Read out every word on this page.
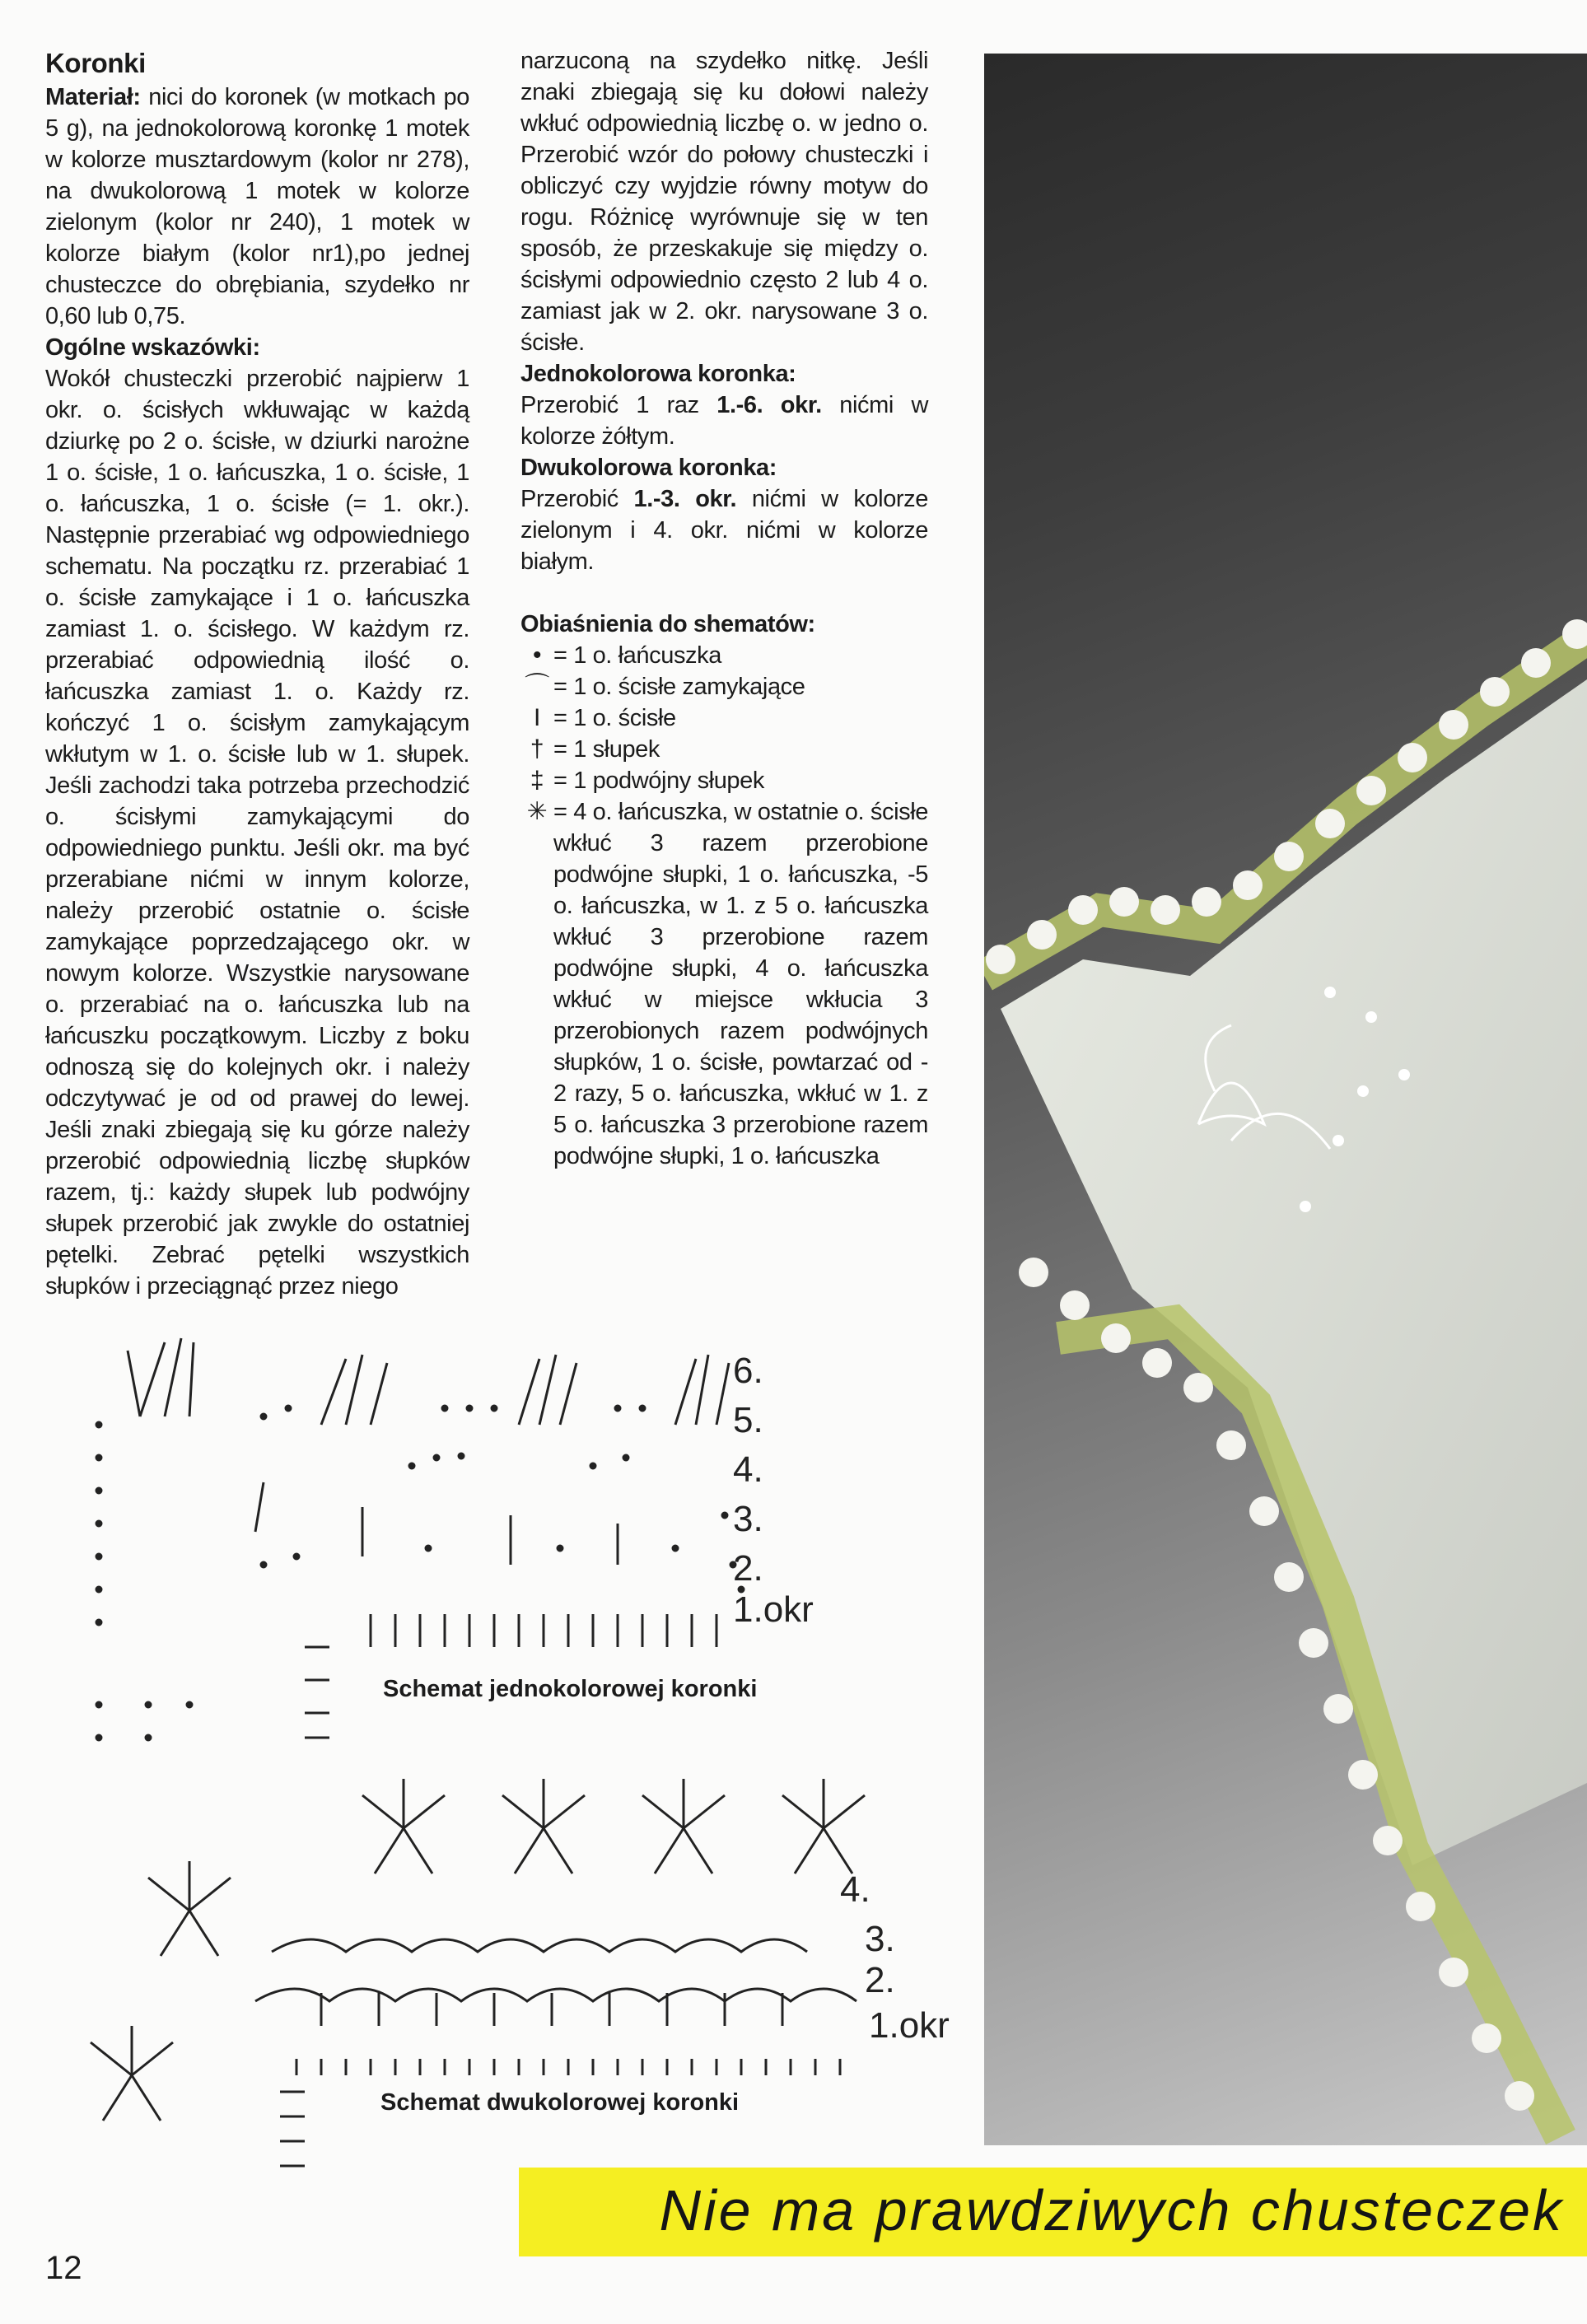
Koronki

Materiał: nici do koronek (w motkach po 5 g), na jednokolorową koronkę 1 motek w kolorze musztardowym (kolor nr 278), na dwukolorową 1 motek w kolorze zielonym (kolor nr 240), 1 motek w kolorze białym (kolor nr1),po jednej chusteczce do obrębiania, szydełko nr 0,60 lub 0,75.

Ogólne wskazówki:

Wokół chusteczki przerobić najpierw 1 okr. o. ścisłych wkłuwając w każdą dziurkę po 2 o. ścisłe, w dziurki narożne 1 o. ścisłe, 1 o. łańcuszka, 1 o. ścisłe, 1 o. łańcuszka, 1 o. ścisłe (= 1. okr.). Następnie przerabiać wg odpowiedniego schematu. Na początku rz. przerabiać 1 o. ścisłe zamykające i 1 o. łańcuszka zamiast 1. o. ścisłego. W każdym rz. przerabiać odpowiednią ilość o. łańcuszka zamiast 1. o. Każdy rz. kończyć 1 o. ścisłym zamykającym wkłutym w 1. o. ścisłe lub w 1. słupek. Jeśli zachodzi taka potrzeba przechodzić o. ścisłymi zamykającymi do odpowiedniego punktu. Jeśli okr. ma być przerabiane nićmi w innym kolorze, należy przerobić ostatnie o. ścisłe zamykające poprzedzającego okr. w nowym kolorze. Wszystkie narysowane o. przerabiać na o. łańcuszka lub na łańcuszku początkowym. Liczby z boku odnoszą się do kolejnych okr. i należy odczytywać je od od prawej do lewej. Jeśli znaki zbiegają się ku górze należy przerobić odpowiednią liczbę słupków razem, tj.: każdy słupek lub podwójny słupek przerobić jak zwykle do ostatniej pętelki. Zebrać pętelki wszystkich słupków i przeciągnąć przez niego

narzuconą na szydełko nitkę. Jeśli znaki zbiegają się ku dołowi należy wkłuć odpowiednią liczbę o. w jedno o. Przerobić wzór do połowy chusteczki i obliczyć czy wyjdzie równy motyw do rogu. Różnicę wyrównuje się w ten sposób, że przeskakuje się między o. ścisłymi odpowiednio często 2 lub 4 o. zamiast jak w 2. okr. narysowane 3 o. ścisłe.

Jednokolorowa koronka:

Przerobić 1 raz 1.-6. okr. nićmi w kolorze żółtym.

Dwukolorowa koronka:

Przerobić 1.-3. okr. nićmi w kolorze zielonym i 4. okr. nićmi w kolorze białym.

Obiaśnienia do shematów:
• = 1 o. łańcuszka
⌒ = 1 o. ścisłe zamykające
I = 1 o. ścisłe
† = 1 słupek
‡ = 1 podwójny słupek
✳ = 4 o. łańcuszka, w ostatnie o. ścisłe wkłuć 3 razem przerobione podwójne słupki, 1 o. łańcuszka, -5 o. łańcuszka, w 1. z 5 o. łańcuszka wkłuć 3 przerobione razem podwójne słupki, 4 o. łańcuszka wkłuć w miejsce wkłucia 3 przerobionych razem podwójnych słupków, 1 o. ścisłe, powtarzać od - 2 razy, 5 o. łańcuszka, wkłuć w 1. z 5 o. łańcuszka 3 przerobione razem podwójne słupki, 1 o. łańcuszka
Schemat jednokolorowej koronki
6.
5.
4.
3.
2.
1.okr
Schemat dwukolorowej koronki
4.
3.
2.
1.okr
Nie ma prawdziwych chusteczek
12
